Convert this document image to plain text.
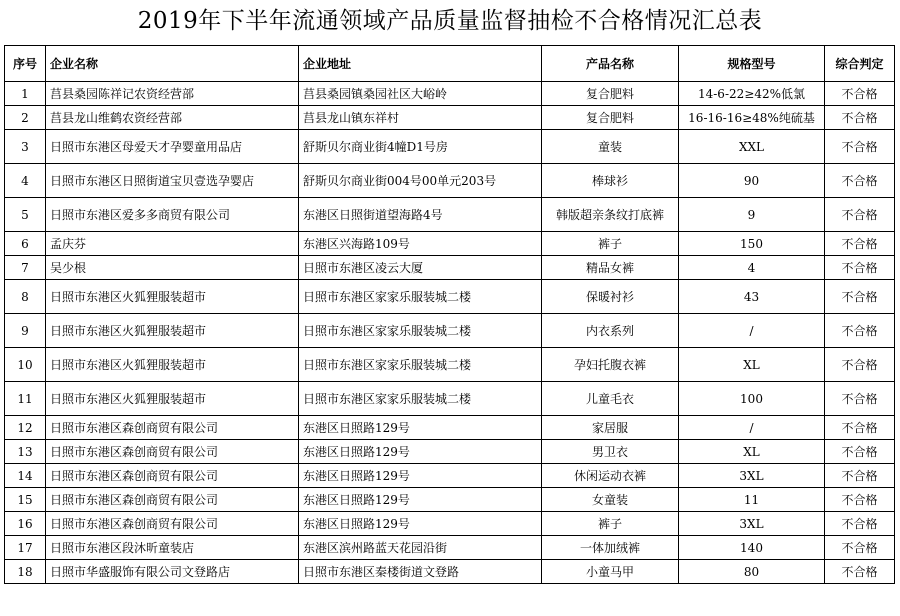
2019年下半年流通领域产品质量监督抽检不合格情况汇总表
序号	企业名称	企业地址	产品名称	规格型号	综合判定
1	莒县桑园陈祥记农资经营部	莒县桑园镇桑园社区大峪岭	复合肥料	14-6-22≥42%低氯	不合格
2	莒县龙山维鹤农资经营部	莒县龙山镇东祥村	复合肥料	16-16-16≥48%纯硫基	不合格
3	日照市东港区母爱天才孕婴童用品店	舒斯贝尔商业街4幢D1号房	童装	XXL	不合格
4	日照市东港区日照街道宝贝壹选孕婴店	舒斯贝尔商业街004号00单元203号	棒球衫	90	不合格
5	日照市东港区爱多多商贸有限公司	东港区日照街道望海路4号	韩版超亲条纹打底裤	9	不合格
6	孟庆芬	东港区兴海路109号	裤子	150	不合格
7	吴少根	日照市东港区凌云大厦	精品女裤	4	不合格
8	日照市东港区火狐狸服装超市	日照市东港区家家乐服装城二楼	保暖衬衫	43	不合格
9	日照市东港区火狐狸服装超市	日照市东港区家家乐服装城二楼	内衣系列	/	不合格
10	日照市东港区火狐狸服装超市	日照市东港区家家乐服装城二楼	孕妇托腹衣裤	XL	不合格
11	日照市东港区火狐狸服装超市	日照市东港区家家乐服装城二楼	儿童毛衣	100	不合格
12	日照市东港区森创商贸有限公司	东港区日照路129号	家居服	/	不合格
13	日照市东港区森创商贸有限公司	东港区日照路129号	男卫衣	XL	不合格
14	日照市东港区森创商贸有限公司	东港区日照路129号	休闲运动衣裤	3XL	不合格
15	日照市东港区森创商贸有限公司	东港区日照路129号	女童装	11	不合格
16	日照市东港区森创商贸有限公司	东港区日照路129号	裤子	3XL	不合格
17	日照市东港区段沐昕童装店	东港区滨州路蓝天花园沿街	一体加绒裤	140	不合格
18	日照市华盛服饰有限公司文登路店	日照市东港区秦楼街道文登路	小童马甲	80	不合格
